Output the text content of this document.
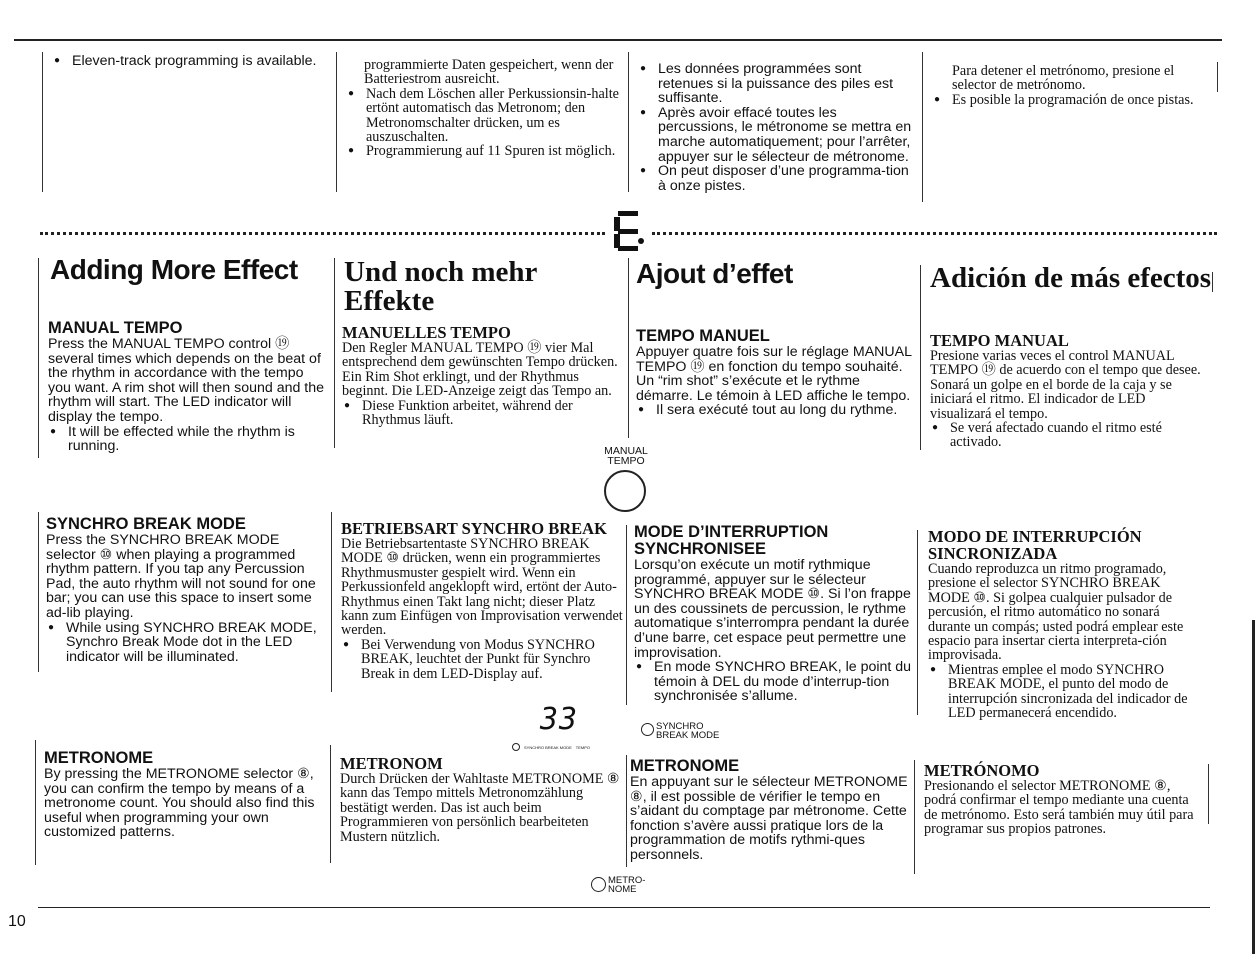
10
● Eleven-track programming is available.	programmierte Daten gespeichert, wenn der Batteriestrom ausreicht.
● Nach dem Löschen aller Perkussionsin-halte ertönt automatisch das Metronom; den Metronomschalter drücken, um es auszuschalten.
● Programmierung auf 11 Spuren ist möglich.
● Les données programmées sont retenues si la puissance des piles est suffisante.
● Après avoir effacé toutes les percussions, le métronome se mettra en marche automatiquement; pour l’arrêter, appuyer sur le sélecteur de métronome.
● On peut disposer d’une programma-tion à onze pistes.
Para detener el metrónomo, presione el selector de metrónomo.
● Es posible la programación de once pistas.
Adding More Effect
MANUAL TEMPO
Press the MANUAL TEMPO control ⑲ several times which depends on the beat of the rhythm in accordance with the tempo you want. A rim shot will then sound and the rhythm will start. The LED indicator will display the tempo.
● It will be effected while the rhythm is running.
SYNCHRO BREAK MODE
Press the SYNCHRO BREAK MODE selector ⑩ when playing a programmed rhythm pattern. If you tap any Percussion Pad, the auto rhythm will not sound for one bar; you can use this space to insert some ad-lib playing.
● While using SYNCHRO BREAK MODE, Synchro Break Mode dot in the LED indicator will be illuminated.
METRONOME
By pressing the METRONOME selector ⑧, you can confirm the tempo by means of a metronome count. You should also find this useful when programming your own customized patterns.
Und noch mehr Effekte
MANUELLES TEMPO
Den Regler MANUAL TEMPO ⑲ vier Mal entsprechend dem gewünschten Tempo drücken. Ein Rim Shot erklingt, und der Rhythmus beginnt. Die LED-Anzeige zeigt das Tempo an.
● Diese Funktion arbeitet, während der Rhythmus läuft.
BETRIEBSART SYNCHRO BREAK
Die Betriebsartentaste SYNCHRO BREAK MODE ⑩ drücken, wenn ein programmiertes Rhythmusmuster gespielt wird. Wenn ein Perkussionfeld angeklopft wird, ertönt der Auto-Rhythmus einen Takt lang nicht; dieser Platz kann zum Einfügen von Improvisation verwendet werden.
● Bei Verwendung von Modus SYNCHRO BREAK, leuchtet der Punkt für Synchro Break in dem LED-Display auf.
METRONOM
Durch Drücken der Wahltaste METRONOME ⑧ kann das Tempo mittels Metronomzählung bestätigt werden. Das ist auch beim Programmieren von persönlich bearbeiteten Mustern nützlich.
Ajout d’effet
TEMPO MANUEL
Appuyer quatre fois sur le réglage MANUAL TEMPO ⑲ en fonction du tempo souhaité. Un “rim shot” s’exécute et le rythme démarre. Le témoin à LED affiche le tempo.
● Il sera exécuté tout au long du rythme.
MODE D’INTERRUPTION SYNCHRONISEE
Lorsqu’on exécute un motif rythmique programmé, appuyer sur le sélecteur SYNCHRO BREAK MODE ⑩. Si l’on frappe un des coussinets de percussion, le rythme automatique s’interrompra pendant la durée d’une barre, cet espace peut permettre une improvisation.
● En mode SYNCHRO BREAK, le point du témoin à DEL du mode d’interrup-tion synchronisée s’allume.
METRONOME
En appuyant sur le sélecteur METRONOME ⑧, il est possible de vérifier le tempo en s’aidant du comptage par métronome. Cette fonction s’avère aussi pratique lors de la programmation de motifs rythmi-ques personnels.
Adición de más efectos
TEMPO MANUAL
Presione varias veces el control MANUAL TEMPO ⑲ de acuerdo con el tempo que desee. Sonará un golpe en el borde de la caja y se iniciará el ritmo. El indicador de LED visualizará el tempo.
● Se verá afectado cuando el ritmo esté activado.
MODO DE INTERRUPCIÓN SINCRONIZADA
Cuando reproduzca un ritmo programado, presione el selector SYNCHRO BREAK MODE ⑩. Si golpea cualquier pulsador de percusión, el ritmo automático no sonará durante un compás; usted podrá emplear este espacio para insertar cierta interpreta-ción improvisada.
● Mientras emplee el modo SYNCHRO BREAK MODE, el punto del modo de interrupción sincronizada del indicador de LED permanecerá encendido.
METRÓNOMO
Presionando el selector METRONOME ⑧, podrá confirmar el tempo mediante una cuenta de metrónomo. Esto será también muy útil para programar sus propios patrones.
MANUAL
TEMPO
33
SYNCHRO BREAK MODE TEMPO
SYNCHRO
BREAK MODE
METRO-
NOME
